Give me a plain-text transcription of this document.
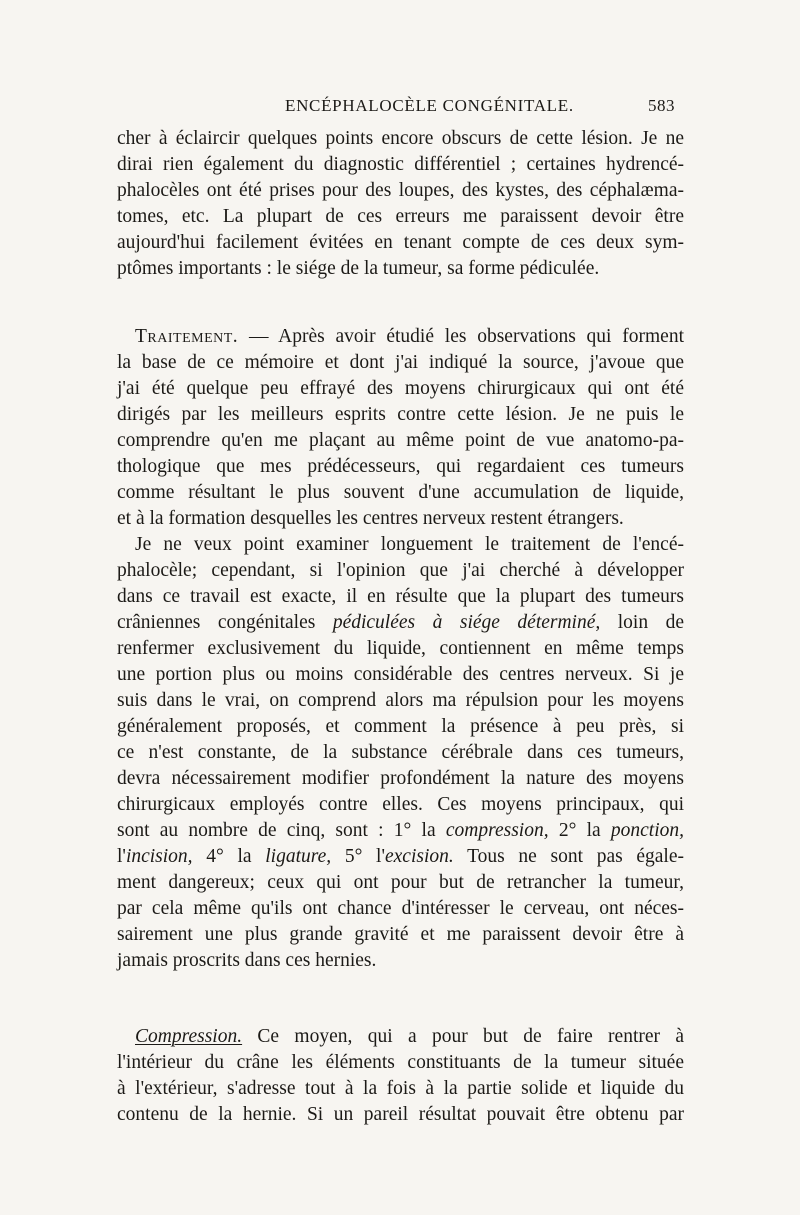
ENCÉPHALOCÈLE CONGÉNITALE.	583
cher à éclaircir quelques points encore obscurs de cette lésion. Je ne
dirai rien également du diagnostic différentiel ; certaines hydrencé-
phalocèles ont été prises pour des loupes, des kystes, des céphalæma-
tomes, etc. La plupart de ces erreurs me paraissent devoir être
aujourd'hui facilement évitées en tenant compte de ces deux sym-
ptômes importants : le siége de la tumeur, sa forme pédiculée.
Traitement. — Après avoir étudié les observations qui forment
la base de ce mémoire et dont j'ai indiqué la source, j'avoue que
j'ai été quelque peu effrayé des moyens chirurgicaux qui ont été
dirigés par les meilleurs esprits contre cette lésion. Je ne puis le
comprendre qu'en me plaçant au même point de vue anatomo-pa-
thologique que mes prédécesseurs, qui regardaient ces tumeurs
comme résultant le plus souvent d'une accumulation de liquide,
et à la formation desquelles les centres nerveux restent étrangers.
Je ne veux point examiner longuement le traitement de l'encé-
phalocèle; cependant, si l'opinion que j'ai cherché à développer
dans ce travail est exacte, il en résulte que la plupart des tumeurs
crâniennes congénitales pédiculées à siége déterminé, loin de
renfermer exclusivement du liquide, contiennent en même temps
une portion plus ou moins considérable des centres nerveux. Si je
suis dans le vrai, on comprend alors ma répulsion pour les moyens
généralement proposés, et comment la présence à peu près, si
ce n'est constante, de la substance cérébrale dans ces tumeurs,
devra nécessairement modifier profondément la nature des moyens
chirurgicaux employés contre elles. Ces moyens principaux, qui
sont au nombre de cinq, sont : 1° la compression, 2° la ponction,
l'incision, 4° la ligature, 5° l'excision. Tous ne sont pas égale-
ment dangereux; ceux qui ont pour but de retrancher la tumeur,
par cela même qu'ils ont chance d'intéresser le cerveau, ont néces-
sairement une plus grande gravité et me paraissent devoir être à
jamais proscrits dans ces hernies.
Compression. Ce moyen, qui a pour but de faire rentrer à
l'intérieur du crâne les éléments constituants de la tumeur située
à l'extérieur, s'adresse tout à la fois à la partie solide et liquide du
contenu de la hernie. Si un pareil résultat pouvait être obtenu par
